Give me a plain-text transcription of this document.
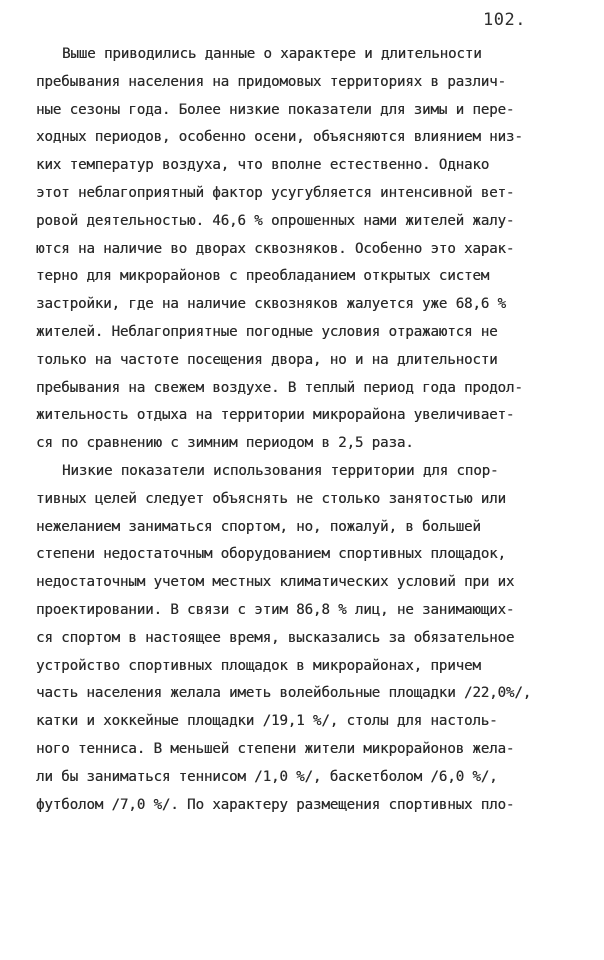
102.
Выше приводились данные о характере и длительности
пребывания населения на придомовых территориях в различ-
ные сезоны года. Более низкие показатели для зимы и пере-
ходных периодов, особенно осени, объясняются влиянием низ-
ких температур воздуха, что вполне естественно. Однако
этот неблагоприятный фактор усугубляется интенсивной вет-
ровой деятельностью. 46,6 % опрошенных нами жителей жалу-
ются на наличие во дворах сквозняков. Особенно это харак-
терно для микрорайонов с преобладанием открытых систем
застройки, где на наличие сквозняков жалуется уже 68,6 %
жителей. Неблагоприятные погодные условия отражаются не
только на частоте посещения двора, но и на длительности
пребывания на свежем воздухе. В теплый период года продол-
жительность отдыха на территории микрорайона увеличивает-
ся по сравнению с зимним периодом в 2,5 раза.
Низкие показатели использования территории для спор-
тивных целей следует объяснять не столько занятостью или
нежеланием заниматься спортом, но, пожалуй, в большей
степени недостаточным оборудованием спортивных площадок,
недостаточным учетом местных климатических условий при их
проектировании. В связи с этим 86,8 % лиц, не занимающих-
ся спортом в настоящее время, высказались за обязательное
устройство спортивных площадок в микрорайонах, причем
часть населения желала иметь волейбольные площадки /22,0%/,
катки и хоккейные площадки /19,1 %/, столы для настоль-
ного тенниса. В меньшей степени жители микрорайонов жела-
ли бы заниматься теннисом /1,0 %/, баскетболом /6,0 %/,
футболом /7,0 %/. По характеру размещения спортивных пло-
